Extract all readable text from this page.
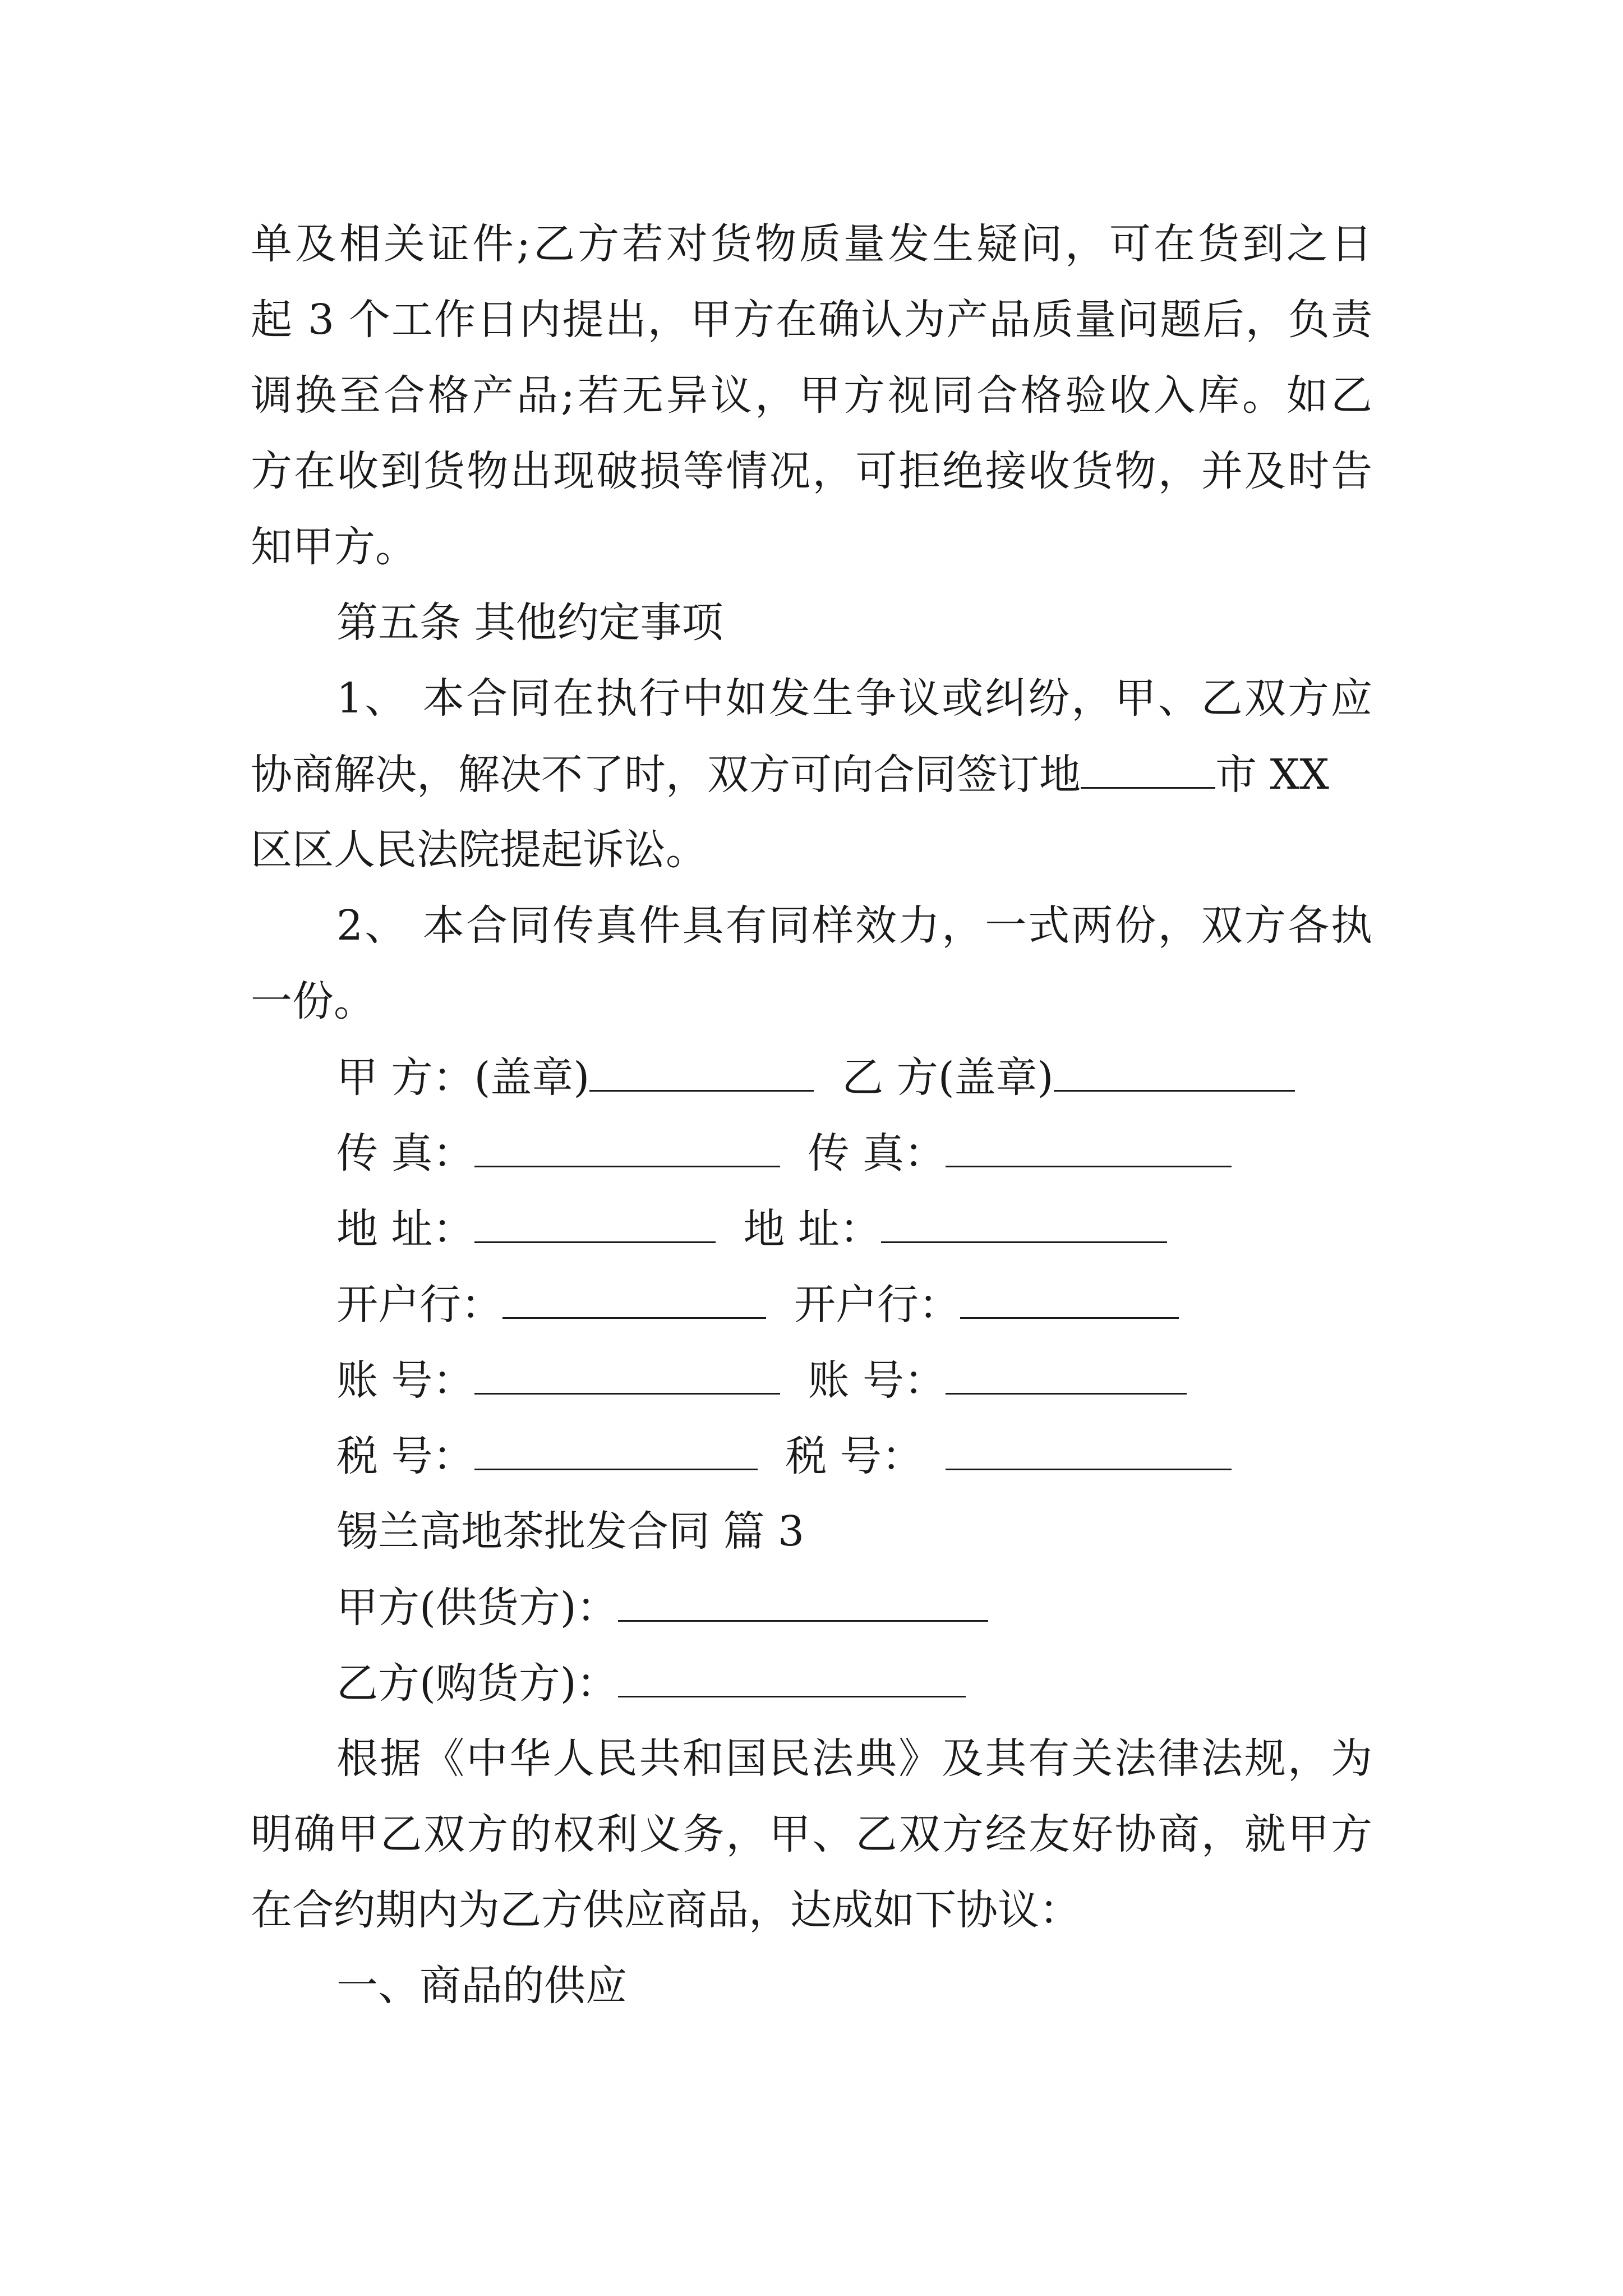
单及相关证件;乙方若对货物质量发生疑问，可在货到之日
起 3 个工作日内提出，甲方在确认为产品质量问题后，负责
调换至合格产品;若无异议，甲方视同合格验收入库。如乙
方在收到货物出现破损等情况，可拒绝接收货物，并及时告
知甲方。
第五条 其他约定事项
1、 本合同在执行中如发生争议或纠纷，甲、乙双方应
协商解决，解决不了时，双方可向合同签订地	市 XX
区区人民法院提起诉讼。
2、 本合同传真件具有同样效力，一式两份，双方各执
一份。
甲 方：(盖章)	乙 方(盖章)
传 真：	传 真：
地 址：	地 址：
开户行：	开户行：
账 号：	账 号：
税 号：	税 号：
锡兰高地茶批发合同 篇 3
甲方(供货方)：
乙方(购货方)：
根据《中华人民共和国民法典》及其有关法律法规，为
明确甲乙双方的权利义务，甲、乙双方经友好协商，就甲方
在合约期内为乙方供应商品，达成如下协议：
一、商品的供应
